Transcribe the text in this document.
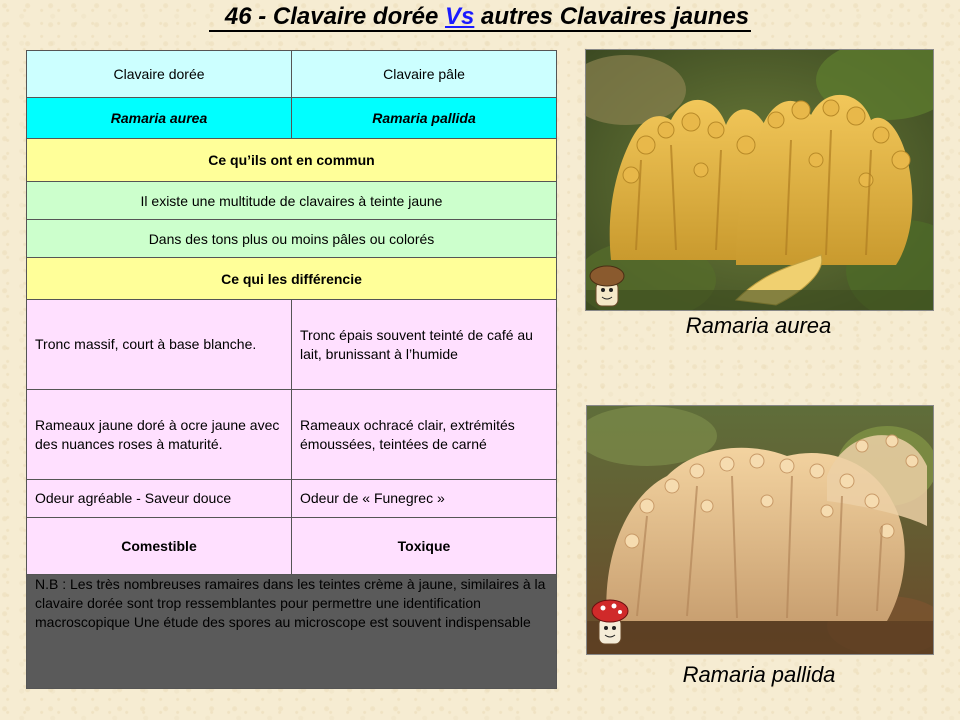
46 - Clavaire dorée Vs autres Clavaires jaunes
Clavaire dorée	Clavaire pâle
Ramaria aurea	Ramaria pallida
Ce qu’ils ont en commun	
Il existe une multitude de clavaires à teinte jaune	
Dans des tons plus ou moins pâles ou colorés	
Ce qui les différencie	
Tronc massif, court à base blanche.	Tronc épais souvent teinté de café au lait, brunissant à l’humide
Rameaux jaune doré à ocre jaune avec des nuances roses à maturité.	Rameaux ochracé clair, extrémités émoussées, teintées de carné
Odeur agréable - Saveur douce	Odeur de « Funegrec »
Comestible	Toxique
N.B : Les très nombreuses ramaires dans les teintes crème à jaune, similaires à la clavaire dorée sont trop ressemblantes pour permettre une identification macroscopique Une étude des spores au microscope est souvent indispensable	
Ramaria aurea
Ramaria pallida
